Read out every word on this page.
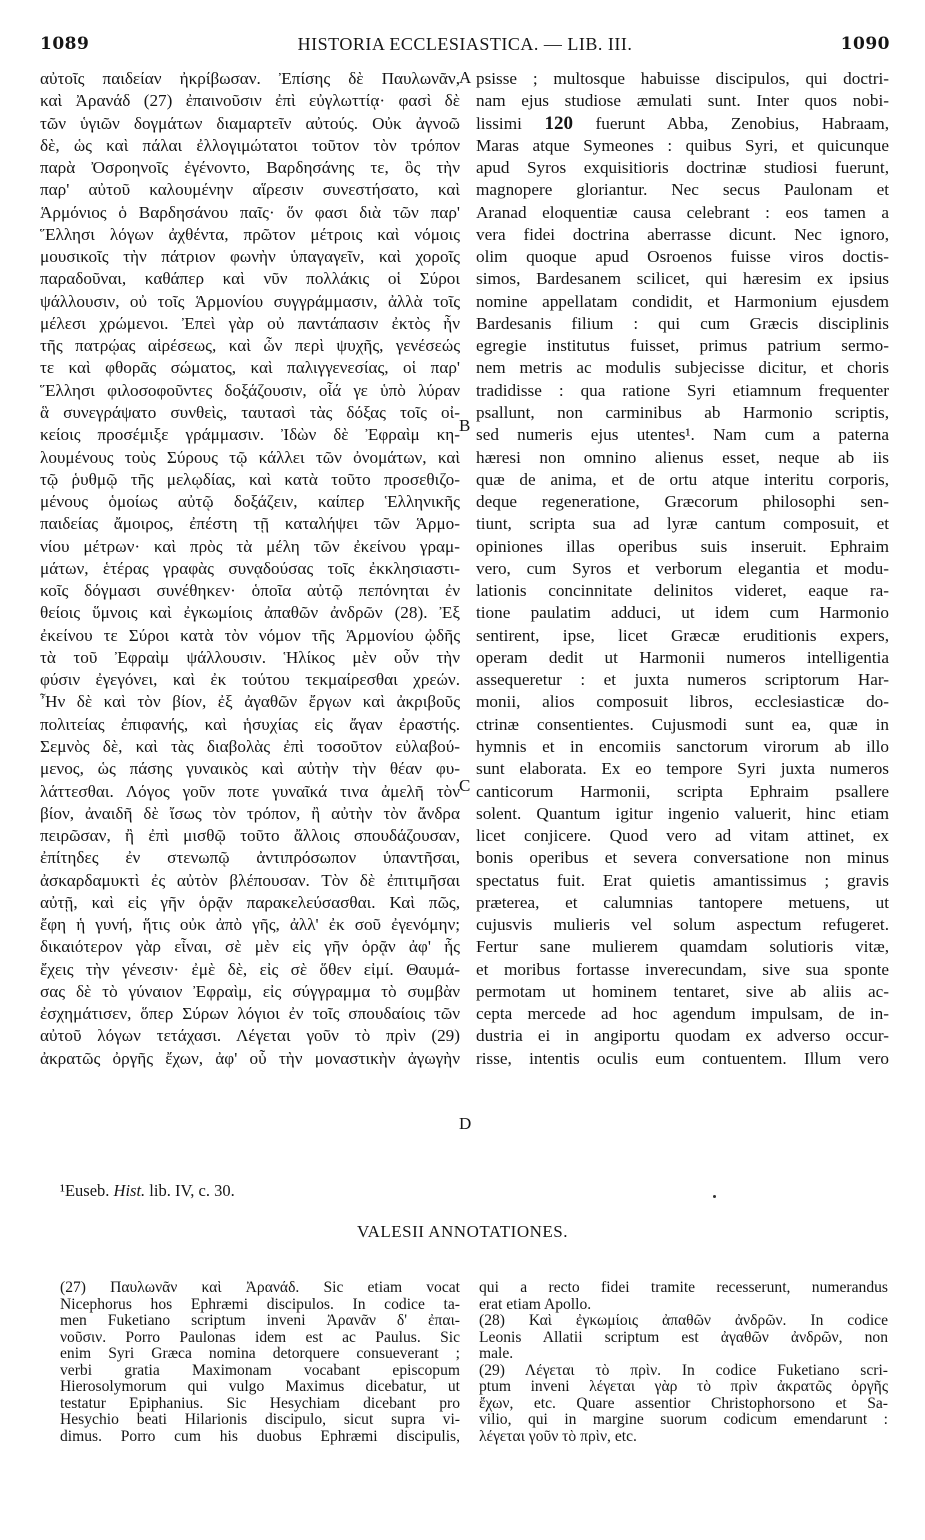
1089	HISTORIA ECCLESIASTICA. — LIB. III.	1090
αὐτοῖς παιδείαν ἠκρίβωσαν. Ἐπίσης δὲ Παυλωνᾶν,
καὶ Ἀρανάδ (27) ἐπαινοῦσιν ἐπὶ εὐγλωττίᾳ· φασὶ δὲ
τῶν ὑγιῶν δογμάτων διαμαρτεῖν αὐτούς. Οὐκ ἀγνοῶ
δὲ, ὡς καὶ πάλαι ἐλλογιμώτατοι τοῦτον τὸν τρόπον
παρὰ Ὀσροηνοῖς ἐγένοντο, Βαρδησάνης τε, ὃς τὴν
παρ' αὐτοῦ καλουμένην αἵρεσιν συνεστήσατο, καὶ
Ἁρμόνιος ὁ Βαρδησάνου παῖς· ὅν φασι διὰ τῶν παρ'
Ἕλλησι λόγων ἀχθέντα, πρῶτον μέτροις καὶ νόμοις
μουσικοῖς τὴν πάτριον φωνὴν ὑπαγαγεῖν, καὶ χοροῖς
παραδοῦναι, καθάπερ καὶ νῦν πολλάκις οἱ Σύροι
ψάλλουσιν, οὐ τοῖς Ἁρμονίου συγγράμμασιν, ἀλλὰ τοῖς
μέλεσι χρώμενοι. Ἐπεὶ γὰρ οὐ παντάπασιν ἐκτὸς ἦν
τῆς πατρῴας αἱρέσεως, καὶ ὧν περὶ ψυχῆς, γενέσεώς
τε καὶ φθορᾶς σώματος, καὶ παλιγγενεσίας, οἱ παρ'
Ἕλλησι φιλοσοφοῦντες δοξάζουσιν, οἷά γε ὑπὸ λύραν
ἃ συνεγράψατο συνθεὶς, ταυτασὶ τὰς δόξας τοῖς οἰ-
κείοις προσέμιξε γράμμασιν. Ἰδὼν δὲ Ἐφραὶμ κη-
λουμένους τοὺς Σύρους τῷ κάλλει τῶν ὀνομάτων, καὶ
τῷ ῥυθμῷ τῆς μελῳδίας, καὶ κατὰ τοῦτο προσεθιζο-
μένους ὁμοίως αὐτῷ δοξάζειν, καίπερ Ἑλληνικῆς
παιδείας ἄμοιρος, ἐπέστη τῇ καταλήψει τῶν Ἁρμο-
νίου μέτρων· καὶ πρὸς τὰ μέλη τῶν ἐκείνου γραμ-
μάτων, ἑτέρας γραφὰς συνᾳδούσας τοῖς ἐκκλησιαστι-
κοῖς δόγμασι συνέθηκεν· ὁποῖα αὐτῷ πεπόνηται ἐν
θείοις ὕμνοις καὶ ἐγκωμίοις ἀπαθῶν ἀνδρῶν (28). Ἐξ
ἐκείνου τε Σύροι κατὰ τὸν νόμον τῆς Ἁρμονίου ᾠδῆς
τὰ τοῦ Ἐφραὶμ ψάλλουσιν. Ἡλίκος μὲν οὖν τὴν
φύσιν ἐγεγόνει, καὶ ἐκ τούτου τεκμαίρεσθαι χρεών.
Ἦν δὲ καὶ τὸν βίον, ἐξ ἀγαθῶν ἔργων καὶ ἀκριβοῦς
πολιτείας ἐπιφανής, καὶ ἡσυχίας εἰς ἄγαν ἐραστής.
Σεμνὸς δὲ, καὶ τὰς διαβολὰς ἐπὶ τοσοῦτον εὐλαβού-
μενος, ὡς πάσης γυναικὸς καὶ αὐτὴν τὴν θέαν φυ-
λάττεσθαι. Λόγος γοῦν ποτε γυναῖκά τινα ἀμελῆ τὸν
βίον, ἀναιδῆ δὲ ἴσως τὸν τρόπον, ἢ αὐτὴν τὸν ἄνδρα
πειρῶσαν, ἢ ἐπὶ μισθῷ τοῦτο ἄλλοις σπουδάζουσαν,
ἐπίτηδες ἐν στενωπῷ ἀντιπρόσωπον ὑπαντῆσαι,
ἀσκαρδαμυκτὶ ἐς αὐτὸν βλέπουσαν. Τὸν δὲ ἐπιτιμῆσαι
αὐτῇ, καὶ εἰς γῆν ὁρᾷν παρακελεύσασθαι. Καὶ πῶς,
ἔφη ἡ γυνή, ἥτις οὐκ ἀπὸ γῆς, ἀλλ' ἐκ σοῦ ἐγενόμην;
δικαιότερον γὰρ εἶναι, σὲ μὲν εἰς γῆν ὁρᾷν ἀφ' ἧς
ἔχεις τὴν γένεσιν· ἐμὲ δὲ, εἰς σὲ ὅθεν εἰμί. Θαυμά-
σας δὲ τὸ γύναιον Ἐφραὶμ, εἰς σύγγραμμα τὸ συμβὰν
ἐσχημάτισεν, ὅπερ Σύρων λόγιοι ἐν τοῖς σπουδαίοις τῶν
αὐτοῦ λόγων τετάχασι. Λέγεται γοῦν τὸ πρὶν (29)
ἀκρατῶς ὀργῆς ἔχων, ἀφ' οὗ τὴν μοναστικὴν ἀγωγὴν
psisse ; multosque habuisse discipulos, qui doctri-
nam ejus studiose æmulati sunt. Inter quos nobi-
lissimi 120 fuerunt Abba, Zenobius, Habraam,
Maras atque Symeones : quibus Syri, et quicunque
apud Syros exquisitioris doctrinæ studiosi fuerunt,
magnopere gloriantur. Nec secus Paulonam et
Aranad eloquentiæ causa celebrant : eos tamen a
vera fidei doctrina aberrasse dicunt. Nec ignoro,
olim quoque apud Osroenos fuisse viros doctis-
simos, Bardesanem scilicet, qui hæresim ex ipsius
nomine appellatam condidit, et Harmonium ejusdem
Bardesanis filium : qui cum Græcis disciplinis
egregie institutus fuisset, primus patrium sermo-
nem metris ac modulis subjecisse dicitur, et choris
tradidisse : qua ratione Syri etiamnum frequenter
psallunt, non carminibus ab Harmonio scriptis,
sed numeris ejus utentes¹. Nam cum a paterna
hæresi non omnino alienus esset, neque ab iis
quæ de anima, et de ortu atque interitu corporis,
deque regeneratione, Græcorum philosophi sen-
tiunt, scripta sua ad lyræ cantum composuit, et
opiniones illas operibus suis inseruit. Ephraim
vero, cum Syros et verborum elegantia et modu-
lationis concinnitate delinitos videret, eaque ra-
tione paulatim adduci, ut idem cum Harmonio
sentirent, ipse, licet Græcæ eruditionis expers,
operam dedit ut Harmonii numeros intelligentia
assequeretur : et juxta numeros scriptorum Har-
monii, alios composuit libros, ecclesiasticæ do-
ctrinæ consentientes. Cujusmodi sunt ea, quæ in
hymnis et in encomiis sanctorum virorum ab illo
sunt elaborata. Ex eo tempore Syri juxta numeros
canticorum Harmonii, scripta Ephraim psallere
solent. Quantum igitur ingenio valuerit, hinc etiam
licet conjicere. Quod vero ad vitam attinet, ex
bonis operibus et severa conversatione non minus
spectatus fuit. Erat quietis amantissimus ; gravis
præterea, et calumnias tantopere metuens, ut
cujusvis mulieris vel solum aspectum refugeret.
Fertur sane mulierem quamdam solutioris vitæ,
et moribus fortasse inverecundam, sive sua sponte
permotam ut hominem tentaret, sive ab aliis ac-
cepta mercede ad hoc agendum impulsam, de in-
dustria ei in angiportu quodam ex adverso occur-
risse, intentis oculis eum contuentem. Illum vero
A
B
C
D
¹Euseb. Hist. lib. IV, c. 30.
VALESII ANNOTATIONES.
(27) Παυλωνᾶν καὶ Ἀρανάδ. Sic etiam vocat
Nicephorus hos Ephræmi discipulos. In codice ta-
men Fuketiano scriptum inveni Ἀρανᾶν δ' ἐπαι-
νοῦσιν. Porro Paulonas idem est ac Paulus. Sic
enim Syri Græca nomina detorquere consueverant ;
verbi gratia Maximonam vocabant episcopum
Hierosolymorum qui vulgo Maximus dicebatur, ut
testatur Epiphanius. Sic Hesychiam dicebant pro
Hesychio beati Hilarionis discipulo, sicut supra vi-
dimus. Porro cum his duobus Ephræmi discipulis,
qui a recto fidei tramite recesserunt, numerandus
erat etiam Apollo.
(28) Καὶ ἐγκωμίοις ἀπαθῶν ἀνδρῶν. In codice
Leonis Allatii scriptum est ἀγαθῶν ἀνδρῶν, non
male.
(29) Λέγεται τὸ πρὶν. In codice Fuketiano scri-
ptum inveni λέγεται γὰρ τὸ πρὶν ἀκρατῶς ὀργῆς
ἔχων, etc. Quare assentior Christophorsono et Sa-
vilio, qui in margine suorum codicum emendarunt :
λέγεται γοῦν τὸ πρὶν, etc.
